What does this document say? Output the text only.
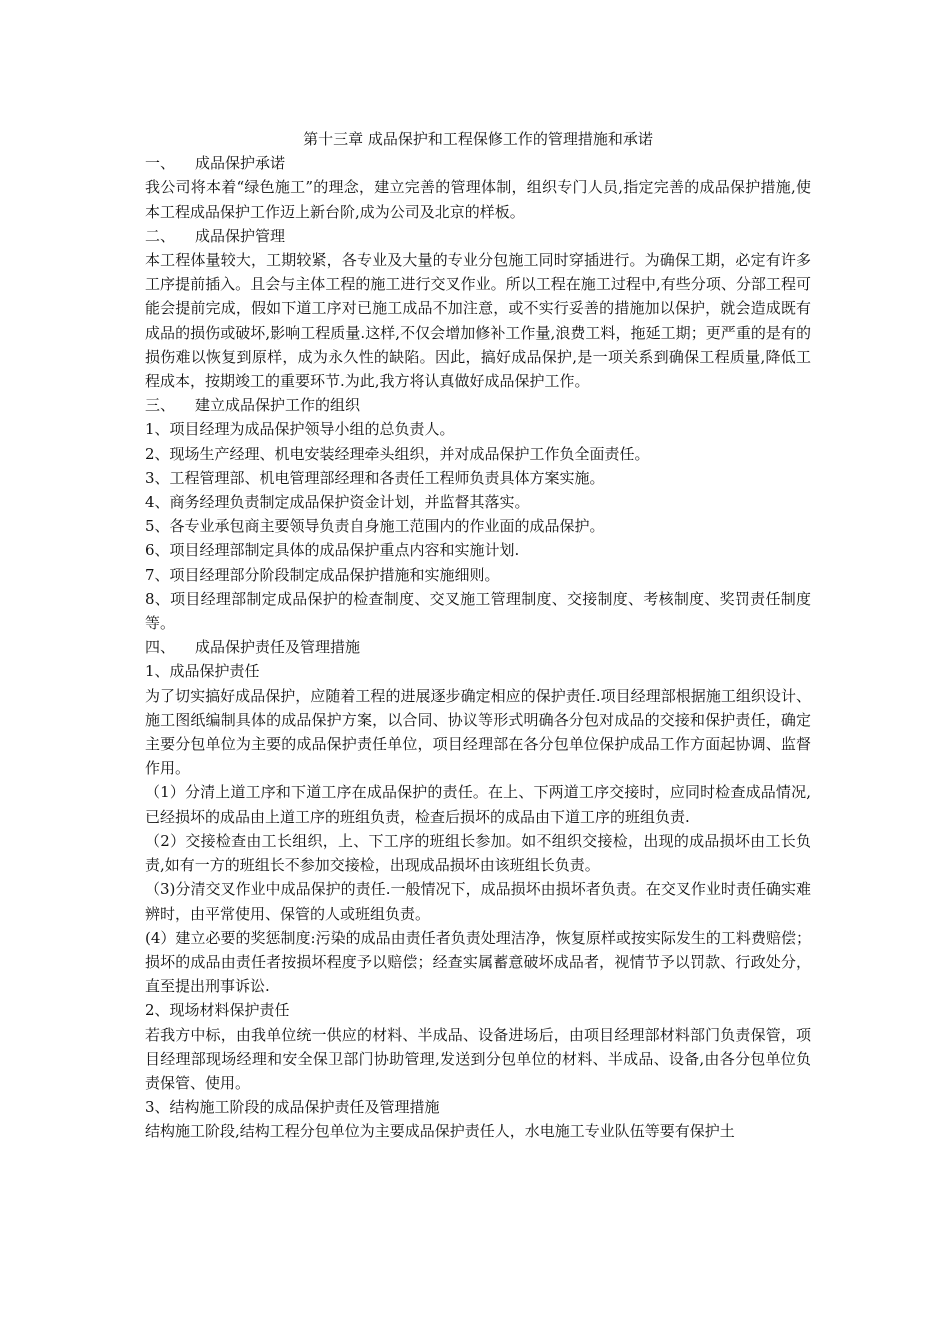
第十三章 成品保护和工程保修工作的管理措施和承诺

一、 成品保护承诺

我公司将本着“绿色施工”的理念，建立完善的管理体制，组织专门人员,指定完善的成品保护措施,使本工程成品保护工作迈上新台阶,成为公司及北京的样板。

二、 成品保护管理

本工程体量较大，工期较紧，各专业及大量的专业分包施工同时穿插进行。为确保工期，必定有许多工序提前插入。且会与主体工程的施工进行交叉作业。所以工程在施工过程中,有些分项、分部工程可能会提前完成，假如下道工序对已施工成品不加注意，或不实行妥善的措施加以保护，就会造成既有成品的损伤或破坏,影响工程质量.这样,不仅会增加修补工作量,浪费工料，拖延工期；更严重的是有的损伤难以恢复到原样，成为永久性的缺陷。因此，搞好成品保护,是一项关系到确保工程质量,降低工程成本，按期竣工的重要环节.为此,我方将认真做好成品保护工作。

三、 建立成品保护工作的组织

1、项目经理为成品保护领导小组的总负责人。

2、现场生产经理、机电安装经理牵头组织，并对成品保护工作负全面责任。

3、工程管理部、机电管理部经理和各责任工程师负责具体方案实施。

4、商务经理负责制定成品保护资金计划，并监督其落实。

5、各专业承包商主要领导负责自身施工范围内的作业面的成品保护。

6、项目经理部制定具体的成品保护重点内容和实施计划.

7、项目经理部分阶段制定成品保护措施和实施细则。

8、项目经理部制定成品保护的检查制度、交叉施工管理制度、交接制度、考核制度、奖罚责任制度等。

四、 成品保护责任及管理措施

1、成品保护责任

为了切实搞好成品保护，应随着工程的进展逐步确定相应的保护责任.项目经理部根据施工组织设计、施工图纸编制具体的成品保护方案，以合同、协议等形式明确各分包对成品的交接和保护责任，确定主要分包单位为主要的成品保护责任单位，项目经理部在各分包单位保护成品工作方面起协调、监督作用。

（1）分清上道工序和下道工序在成品保护的责任。在上、下两道工序交接时，应同时检查成品情况,已经损坏的成品由上道工序的班组负责，检查后损坏的成品由下道工序的班组负责.

（2）交接检查由工长组织，上、下工序的班组长参加。如不组织交接检，出现的成品损坏由工长负责,如有一方的班组长不参加交接检，出现成品损坏由该班组长负责。

（3)分清交叉作业中成品保护的责任.一般情况下，成品损坏由损坏者负责。在交叉作业时责任确实难辨时，由平常使用、保管的人或班组负责。

(4）建立必要的奖惩制度:污染的成品由责任者负责处理洁净，恢复原样或按实际发生的工料费赔偿；损坏的成品由责任者按损坏程度予以赔偿；经查实属蓄意破坏成品者，视情节予以罚款、行政处分，直至提出刑事诉讼.

2、现场材料保护责任

若我方中标，由我单位统一供应的材料、半成品、设备进场后，由项目经理部材料部门负责保管，项目经理部现场经理和安全保卫部门协助管理,发送到分包单位的材料、半成品、设备,由各分包单位负责保管、使用。

3、结构施工阶段的成品保护责任及管理措施

结构施工阶段,结构工程分包单位为主要成品保护责任人，水电施工专业队伍等要有保护土
